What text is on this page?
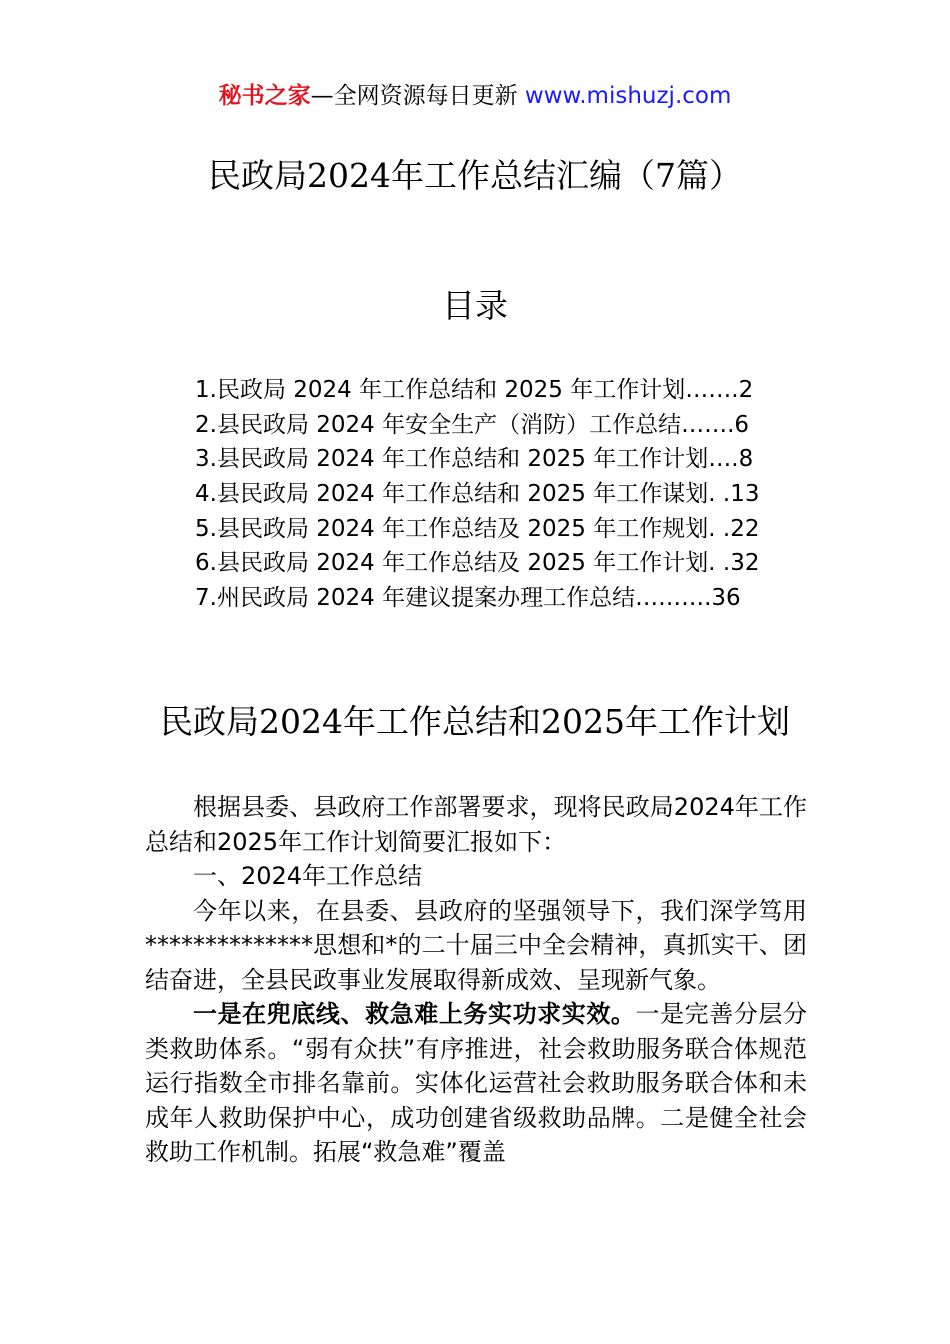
秘书之家—全网资源每日更新 www.mishuzj.com
民政局2024年工作总结汇编（7篇）
目录
1.民政局 2024 年工作总结和 2025 年工作计划…….2
2.县民政局 2024 年安全生产（消防）工作总结…….6
3.县民政局 2024 年工作总结和 2025 年工作计划….8
4.县民政局 2024 年工作总结和 2025 年工作谋划. .13
5.县民政局 2024 年工作总结及 2025 年工作规划. .22
6.县民政局 2024 年工作总结及 2025 年工作计划. .32
7.州民政局 2024 年建议提案办理工作总结……….36
民政局2024年工作总结和2025年工作计划

根据县委、县政府工作部署要求，现将民政局2024年工作总结和2025年工作计划简要汇报如下：

一、2024年工作总结

今年以来，在县委、县政府的坚强领导下，我们深学笃用**************思想和*的二十届三中全会精神，真抓实干、团结奋进，全县民政事业发展取得新成效、呈现新气象。

一是在兜底线、救急难上务实功求实效。一是完善分层分类救助体系。“弱有众扶”有序推进，社会救助服务联合体规范运行指数全市排名靠前。实体化运营社会救助服务联合体和未成年人救助保护中心，成功创建省级救助品牌。二是健全社会救助工作机制。拓展“救急难”覆盖
